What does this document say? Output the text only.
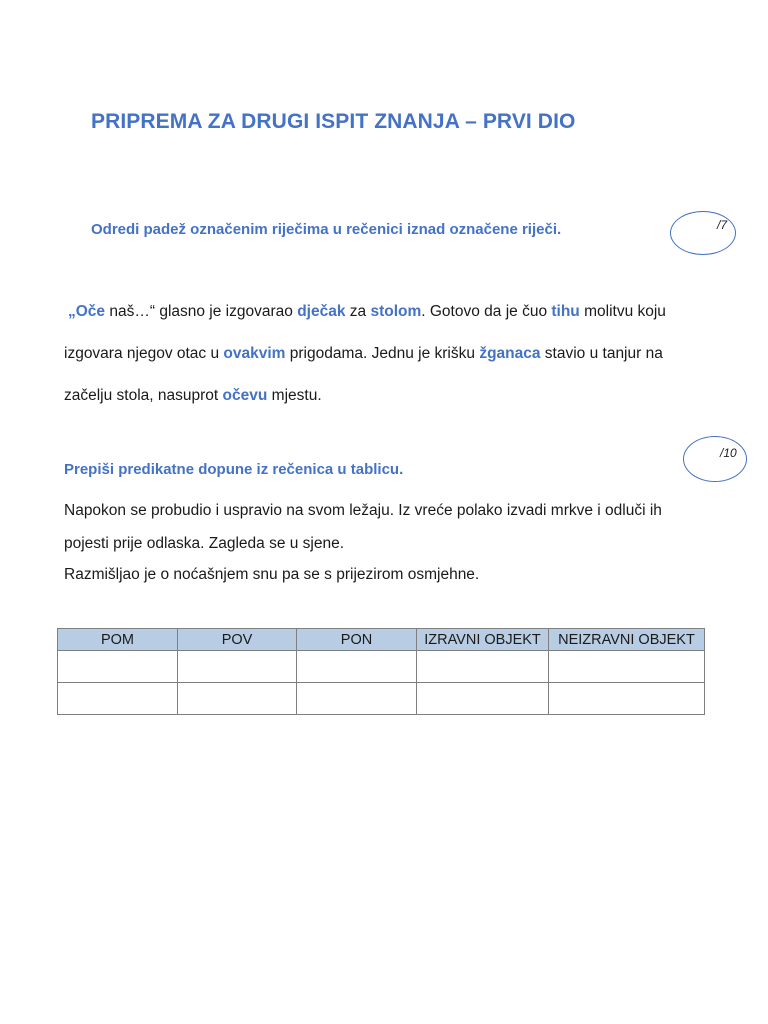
PRIPREMA ZA DRUGI ISPIT ZNANJA – PRVI DIO
Odredi padež označenim riječima u rečenici iznad označene riječi.	/7
„Oče naš…“ glasno je izgovarao dječak za stolom. Gotovo da je čuo tihu molitvu koju
izgovara njegov otac u ovakvim prigodama. Jednu je krišku žganaca stavio u tanjur na
začelju stola, nasuprot očevu mjestu.
Prepiši predikatne dopune iz rečenica u tablicu.
/10
Napokon se probudio i uspravio na svom ležaju. Iz vreće polako izvadi mrkve i odluči ih
pojesti prije odlaska. Zagleda se u sjene.
Razmišljao je o noćašnjem snu pa se s prijezirom osmjehne.
POM	POV	PON	IZRAVNI OBJEKT	NEIZRAVNI OBJEKT
